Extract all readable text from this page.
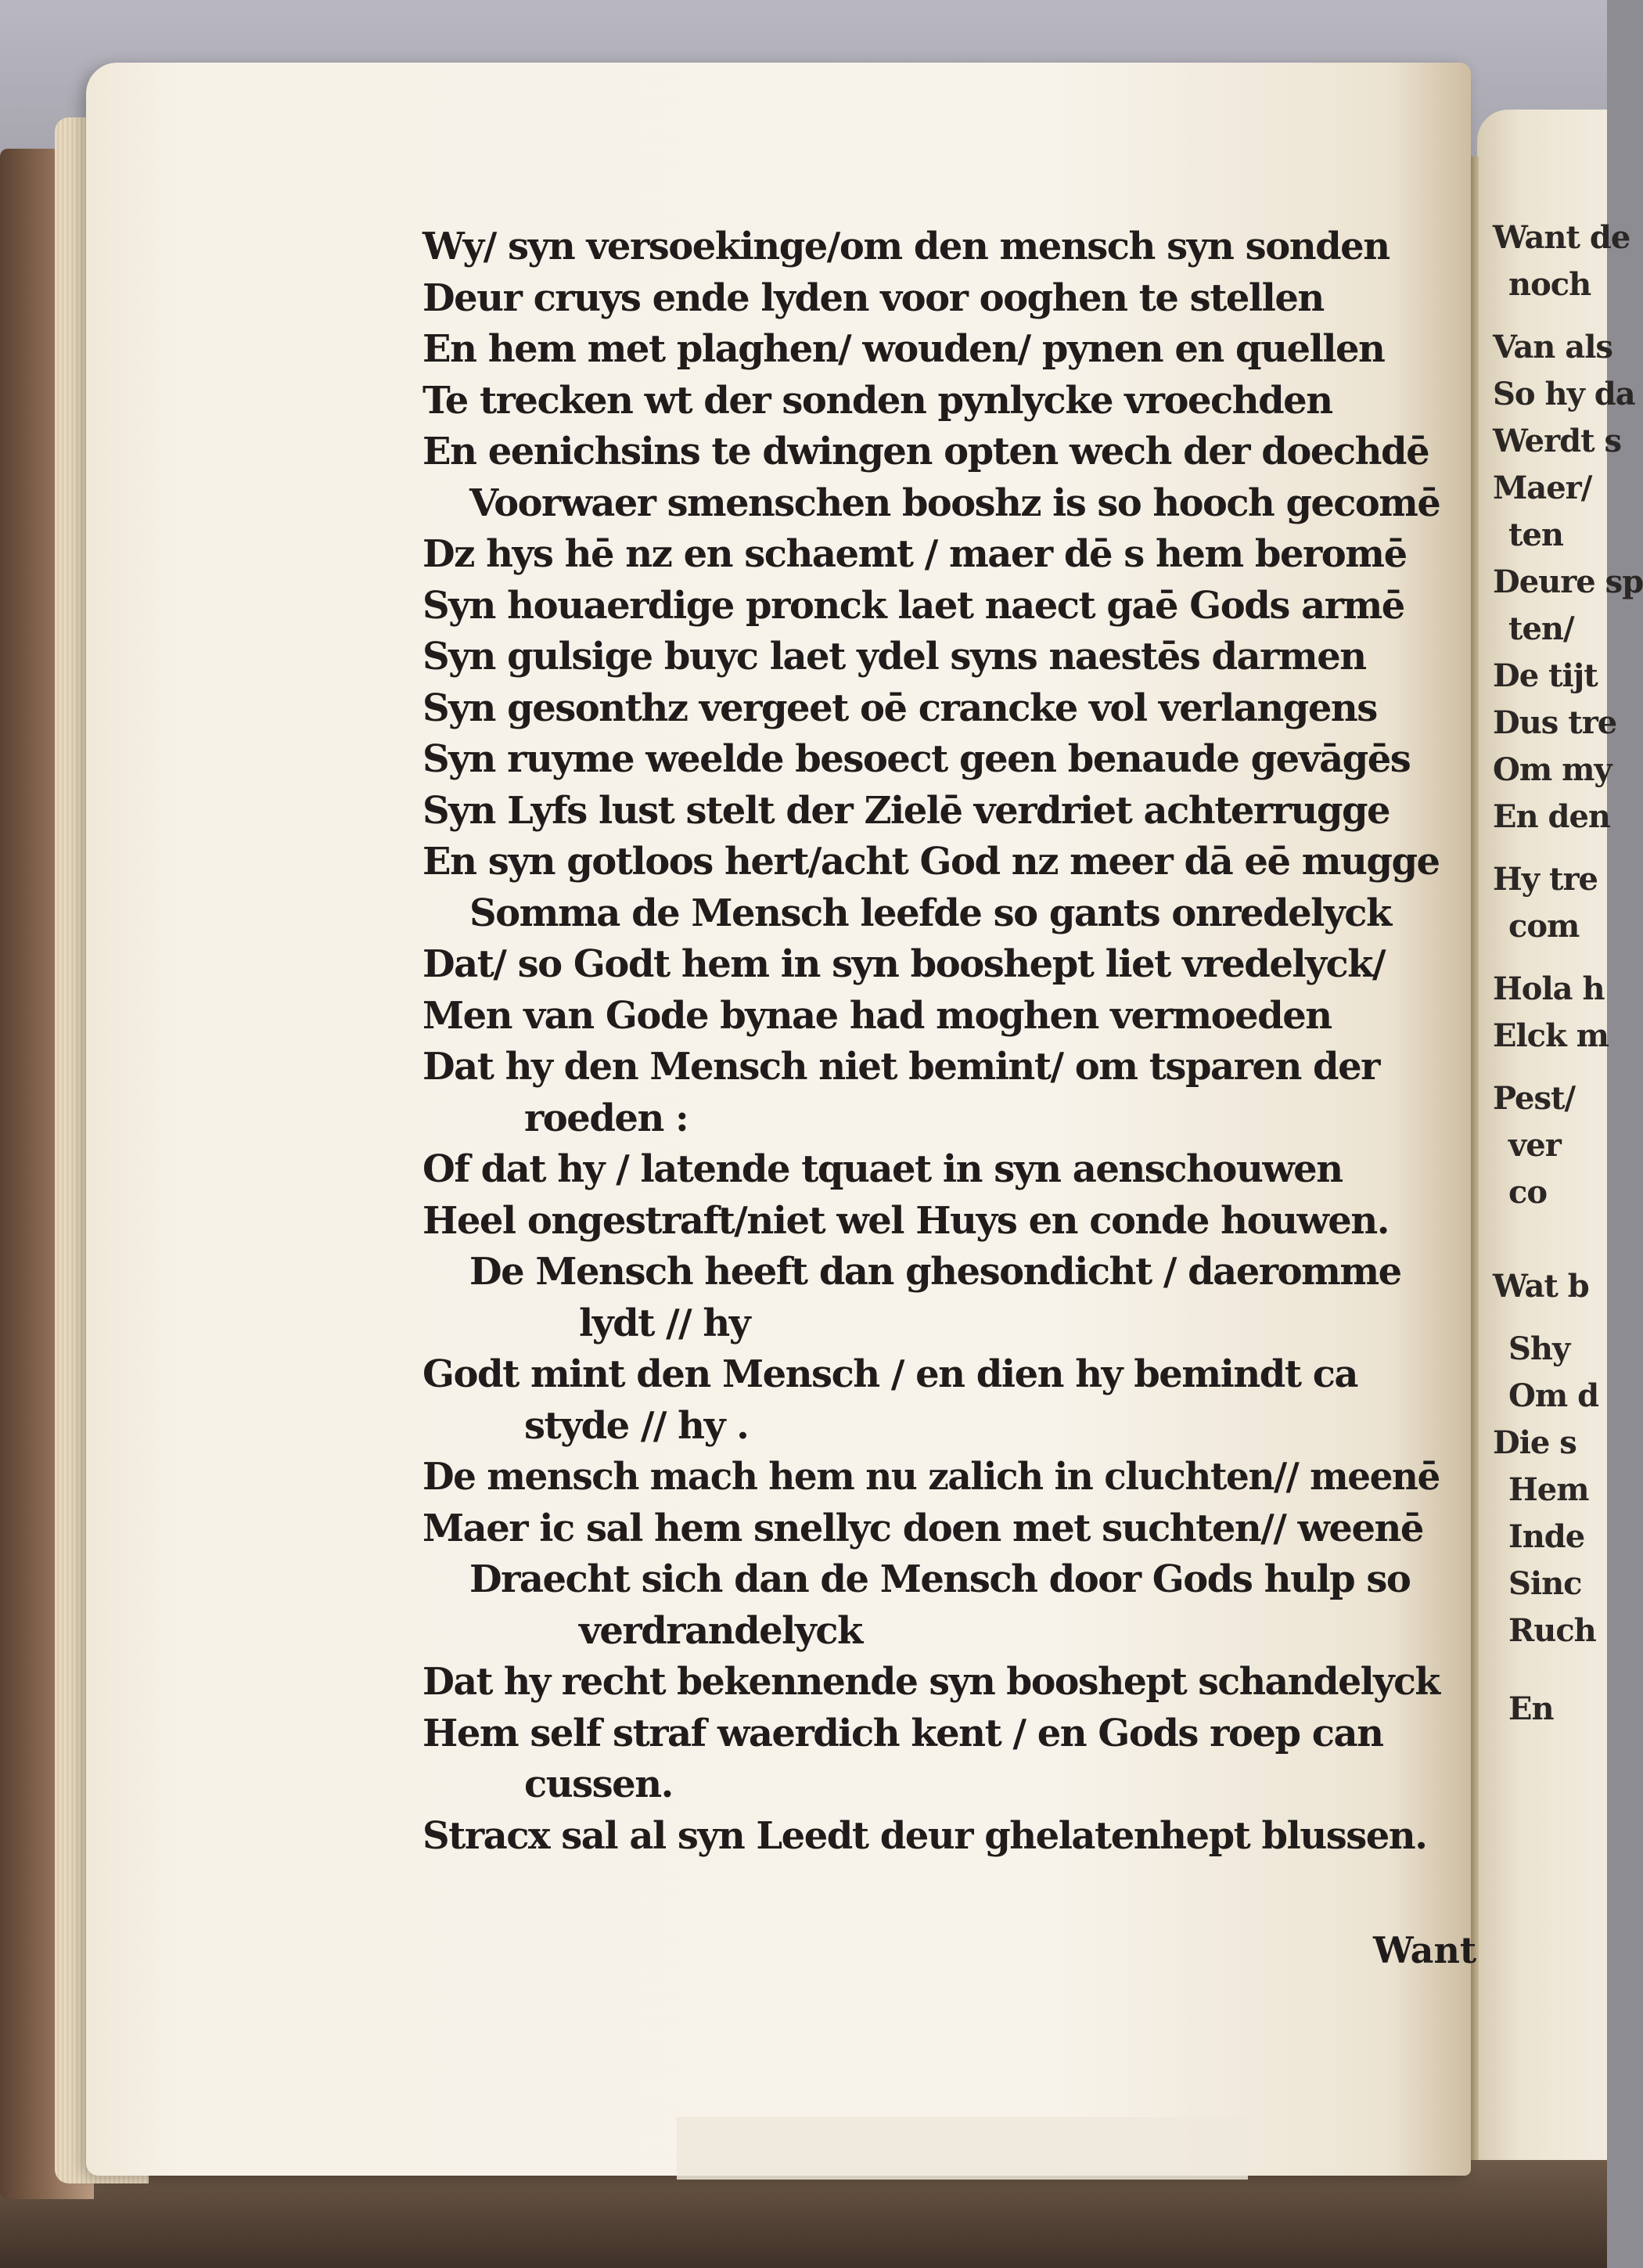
Want de
noch
Van als
So hy da
Werdt s
Maer/
ten
Deure sp
ten/
De tijt
Dus tre
Om my
En den
Hy tre
com
Hola h
Elck m
Pest/
ver
co
Wat b
Shy
Om d
Die s
Hem
Inde
Sinc
Ruch
En
Wy/ syn versoekinge/om den mensch syn sonden
Deur cruys ende lyden voor ooghen te stellen
En hem met plaghen/ wouden/ pynen en quellen
Te trecken wt der sonden pynlycke vroechden
En eenichsins te dwingen opten wech der doechdē
Voorwaer smenschen booshz is so hooch gecomē
Dz hys hē nz en schaemt / maer dē s hem beromē
Syn houaerdige pronck laet naect gaē Gods armē
Syn gulsige buyc laet ydel syns naestēs darmen
Syn gesonthz vergeet oē crancke vol verlangens
Syn ruyme weelde besoect geen benaude gevāgēs
Syn Lyfs lust stelt der Zielē verdriet achterrugge
En syn gotloos hert/acht God nz meer dā eē mugge
Somma de Mensch leefde so gants onredelyck
Dat/ so Godt hem in syn booshept liet vredelyck/
Men van Gode bynae had moghen vermoeden
Dat hy den Mensch niet bemint/ om tsparen der
roeden :
Of dat hy / latende tquaet in syn aenschouwen
Heel ongestraft/niet wel Huys en conde houwen.
De Mensch heeft dan ghesondicht / daeromme
lydt // hy
Godt mint den Mensch / en dien hy bemindt ca
styde // hy .
De mensch mach hem nu zalich in cluchten// meenē
Maer ic sal hem snellyc doen met suchten// weenē
Draecht sich dan de Mensch door Gods hulp so
verdrandelyck
Dat hy recht bekennende syn booshept schandelyck
Hem self straf waerdich kent / en Gods roep can
cussen.
Stracx sal al syn Leedt deur ghelatenhept blussen.
Want
